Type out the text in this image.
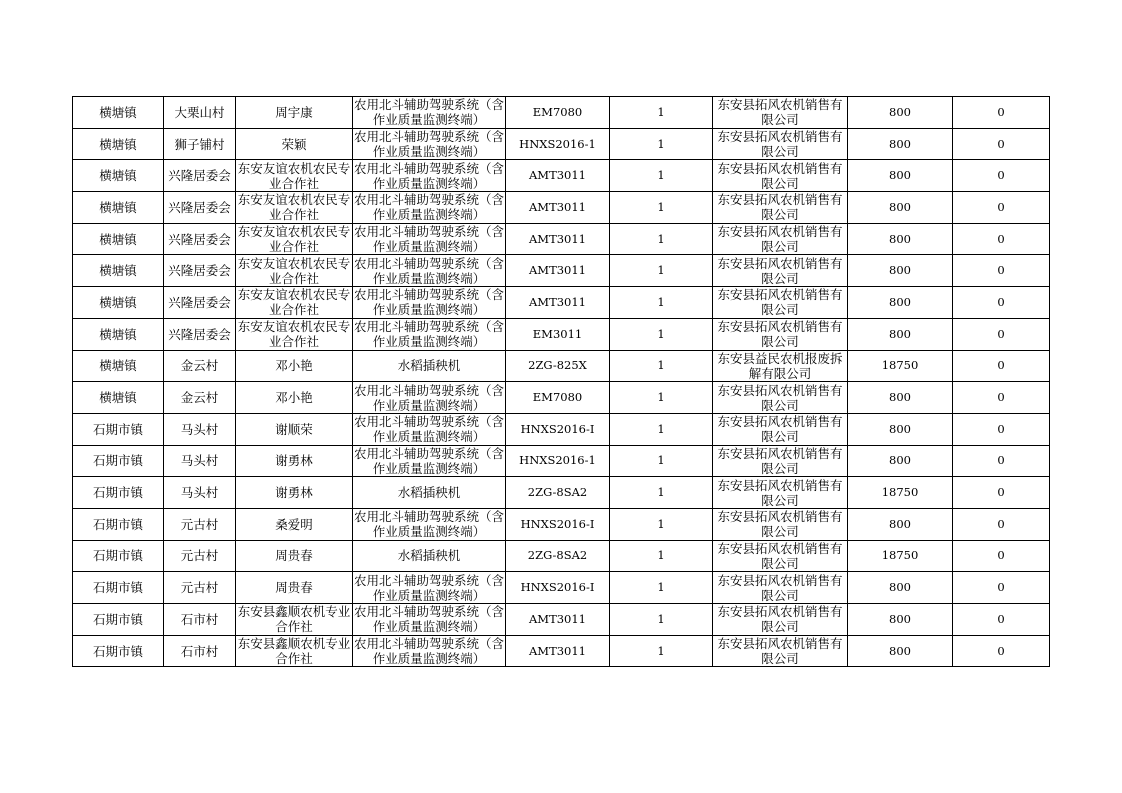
横塘镇	大栗山村	周宇康	农用北斗辅助驾驶系统（含作业质量监测终端）	EM7080	1	东安县拓风农机销售有限公司	800	0
横塘镇	狮子铺村	荣颖	农用北斗辅助驾驶系统（含作业质量监测终端）	HNXS2016-1	1	东安县拓风农机销售有限公司	800	0
横塘镇	兴隆居委会	东安友谊农机农民专业合作社	农用北斗辅助驾驶系统（含作业质量监测终端）	AMT3011	1	东安县拓风农机销售有限公司	800	0
横塘镇	兴隆居委会	东安友谊农机农民专业合作社	农用北斗辅助驾驶系统（含作业质量监测终端）	AMT3011	1	东安县拓风农机销售有限公司	800	0
横塘镇	兴隆居委会	东安友谊农机农民专业合作社	农用北斗辅助驾驶系统（含作业质量监测终端）	AMT3011	1	东安县拓风农机销售有限公司	800	0
横塘镇	兴隆居委会	东安友谊农机农民专业合作社	农用北斗辅助驾驶系统（含作业质量监测终端）	AMT3011	1	东安县拓风农机销售有限公司	800	0
横塘镇	兴隆居委会	东安友谊农机农民专业合作社	农用北斗辅助驾驶系统（含作业质量监测终端）	AMT3011	1	东安县拓风农机销售有限公司	800	0
横塘镇	兴隆居委会	东安友谊农机农民专业合作社	农用北斗辅助驾驶系统（含作业质量监测终端）	EM3011	1	东安县拓风农机销售有限公司	800	0
横塘镇	金云村	邓小艳	水稻插秧机	2ZG-825X	1	东安县益民农机报废拆解有限公司	18750	0
横塘镇	金云村	邓小艳	农用北斗辅助驾驶系统（含作业质量监测终端）	EM7080	1	东安县拓风农机销售有限公司	800	0
石期市镇	马头村	谢顺荣	农用北斗辅助驾驶系统（含作业质量监测终端）	HNXS2016-I	1	东安县拓风农机销售有限公司	800	0
石期市镇	马头村	谢勇林	农用北斗辅助驾驶系统（含作业质量监测终端）	HNXS2016-1	1	东安县拓风农机销售有限公司	800	0
石期市镇	马头村	谢勇林	水稻插秧机	2ZG-8SA2	1	东安县拓风农机销售有限公司	18750	0
石期市镇	元古村	桑爱明	农用北斗辅助驾驶系统（含作业质量监测终端）	HNXS2016-I	1	东安县拓风农机销售有限公司	800	0
石期市镇	元古村	周贵春	水稻插秧机	2ZG-8SA2	1	东安县拓风农机销售有限公司	18750	0
石期市镇	元古村	周贵春	农用北斗辅助驾驶系统（含作业质量监测终端）	HNXS2016-I	1	东安县拓风农机销售有限公司	800	0
石期市镇	石市村	东安县鑫顺农机专业合作社	农用北斗辅助驾驶系统（含作业质量监测终端）	AMT3011	1	东安县拓风农机销售有限公司	800	0
石期市镇	石市村	东安县鑫顺农机专业合作社	农用北斗辅助驾驶系统（含作业质量监测终端）	AMT3011	1	东安县拓风农机销售有限公司	800	0
